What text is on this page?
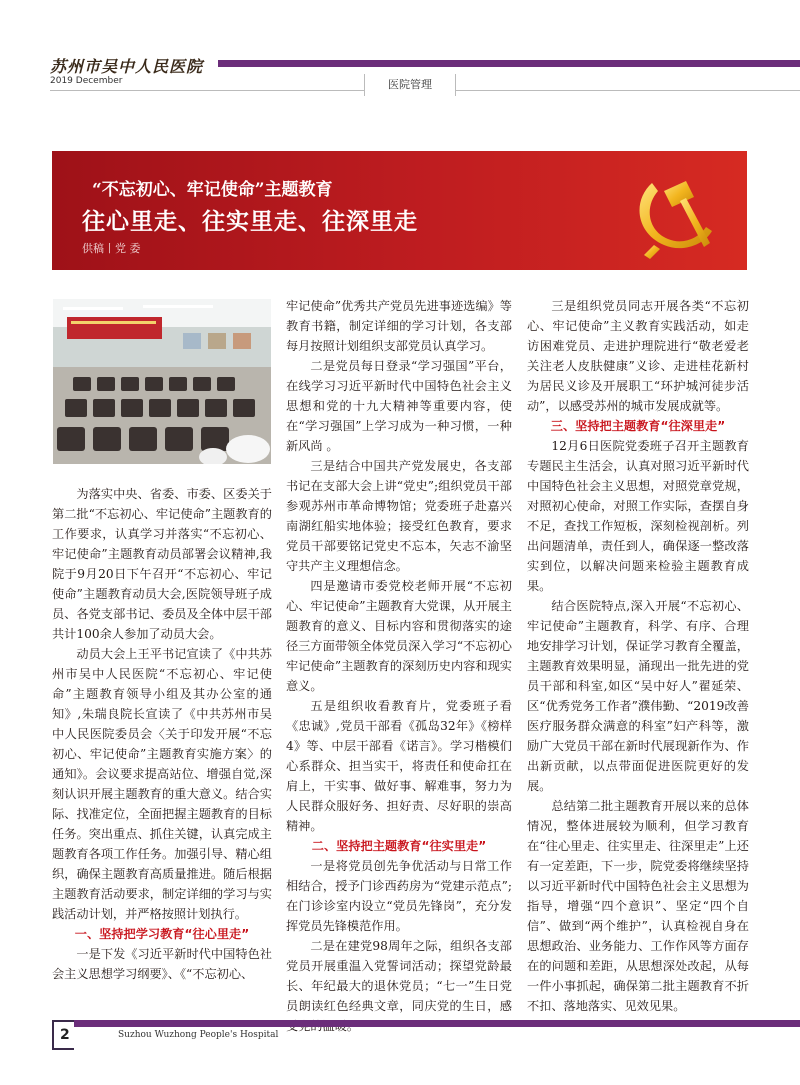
苏州市吴中人民医院
2019 December	医院管理
“不忘初心、牢记使命”主题教育
往心里走、往实里走、往深里走
供稿丨党 委

为落实中央、省委、市委、区委关于第二批“不忘初心、牢记使命”主题教育的工作要求，认真学习并落实“不忘初心、牢记使命”主题教育动员部署会议精神,我院于9月20日下午召开“不忘初心、牢记使命”主题教育动员大会,医院领导班子成员、各党支部书记、委员及全体中层干部共计100余人参加了动员大会。

动员大会上王平书记宣读了《中共苏州市吴中人民医院“不忘初心、牢记使命”主题教育领导小组及其办公室的通知》,朱瑞良院长宣读了《中共苏州市吴中人民医院委员会〈关于印发开展“不忘初心、牢记使命”主题教育实施方案〉的通知》。会议要求提高站位、增强自觉,深刻认识开展主题教育的重大意义。结合实际、找准定位，全面把握主题教育的目标任务。突出重点、抓住关键，认真完成主题教育各项工作任务。加强引导、精心组织，确保主题教育高质量推进。随后根据主题教育活动要求，制定详细的学习与实践活动计划，并严格按照计划执行。

一、坚持把学习教育“往心里走”

一是下发《习近平新时代中国特色社会主义思想学习纲要》、《“不忘初心、

牢记使命”优秀共产党员先进事迹选编》等教育书籍，制定详细的学习计划，各支部每月按照计划组织支部党员认真学习。

二是党员每日登录“学习强国”平台，在线学习习近平新时代中国特色社会主义思想和党的十九大精神等重要内容，使在“学习强国”上学习成为一种习惯，一种新风尚 。

三是结合中国共产党发展史，各支部书记在支部大会上讲“党史”;组织党员干部参观苏州市革命博物馆；党委班子赴嘉兴南湖红船实地体验；接受红色教育，要求党员干部要铭记党史不忘本，矢志不渝坚守共产主义理想信念。

四是邀请市委党校老师开展“不忘初心、牢记使命”主题教育大党课，从开展主题教育的意义、目标内容和贯彻落实的途径三方面带领全体党员深入学习“不忘初心 牢记使命”主题教育的深刻历史内容和现实意义。

五是组织收看教育片，党委班子看《忠诚》,党员干部看《孤岛32年》《榜样4》等、中层干部看《诺言》。学习楷模们心系群众、担当实干，将责任和使命扛在肩上，干实事、做好事、解难事，努力为人民群众服好务、担好责、尽好职的崇高精神。

二、坚持把主题教育“往实里走”

一是将党员创先争优活动与日常工作相结合，授予门诊西药房为“党建示范点”;在门诊诊室内设立“党员先锋岗”，充分发挥党员先锋模范作用。

二是在建党98周年之际，组织各支部党员开展重温入党誓词活动；探望党龄最长、年纪最大的退休党员；“七一”生日党员朗读红色经典文章，同庆党的生日，感

三是组织党员同志开展各类“不忘初心、牢记使命”主义教育实践活动，如走访困难党员、走进护理院进行“敬老爱老 关注老人皮肤健康”义诊、走进桂花新村为居民义诊及开展职工“环护城河徒步活动”，以感受苏州的城市发展成就等。

三、坚持把主题教育“往深里走”

12月6日医院党委班子召开主题教育专题民主生活会，认真对照习近平新时代中国特色社会主义思想，对照党章党规，对照初心使命，对照工作实际，查摆自身不足，查找工作短板，深刻检视剖析。列出问题清单，责任到人，确保逐一整改落实到位，以解决问题来检验主题教育成果。

结合医院特点,深入开展“不忘初心、牢记使命”主题教育，科学、有序、合理地安排学习计划，保证学习教育全覆盖，主题教育效果明显，涌现出一批先进的党员干部和科室,如区“吴中好人”翟延荣、区“优秀党务工作者”濮伟勤、“2019改善医疗服务群众满意的科室”妇产科等，激励广大党员干部在新时代展现新作为、作出新贡献，以点带面促进医院更好的发展。

总结第二批主题教育开展以来的总体情况，整体进展较为顺利，但学习教育在“往心里走、往实里走、往深里走”上还有一定差距，下一步，院党委将继续坚持以习近平新时代中国特色社会主义思想为指导，增强“四个意识”、坚定“四个自信”、做到“两个维护”，认真检视自身在思想政治、业务能力、工作作风等方面存在的问题和差距，从思想深处改起，从每一件小事抓起，确保第二批主题教育不折不扣、落地落实、见效见果。

2	Suzhou Wuzhong People's Hospital
